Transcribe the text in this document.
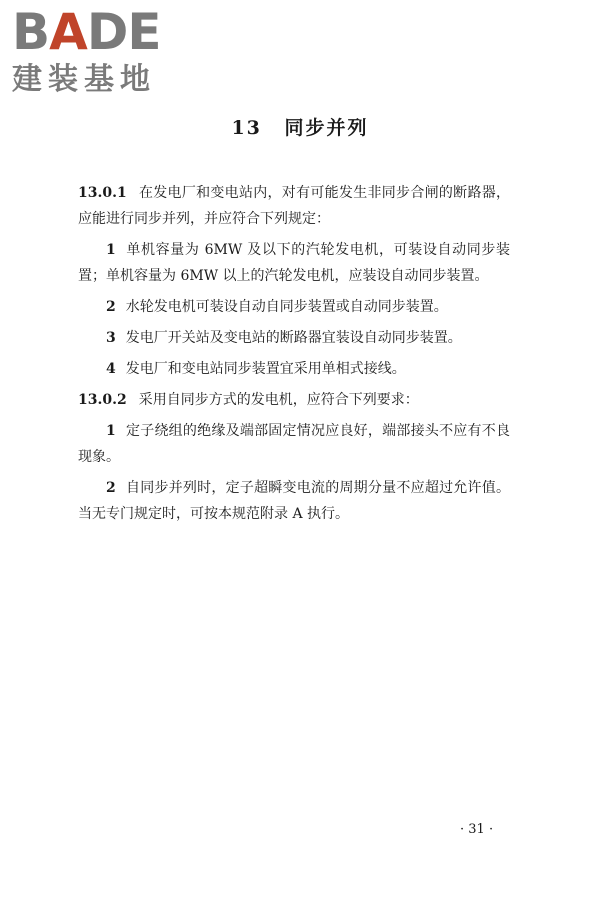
BADE
建装基地
13 同步并列

13.0.1 在发电厂和变电站内，对有可能发生非同步合闸的断路器，应能进行同步并列，并应符合下列规定：

1 单机容量为 6MW 及以下的汽轮发电机，可装设自动同步装置；单机容量为 6MW 以上的汽轮发电机，应装设自动同步装置。

2 水轮发电机可装设自动自同步装置或自动同步装置。

3 发电厂开关站及变电站的断路器宜装设自动同步装置。

4 发电厂和变电站同步装置宜采用单相式接线。

13.0.2 采用自同步方式的发电机，应符合下列要求：

1 定子绕组的绝缘及端部固定情况应良好，端部接头不应有不良现象。

2 自同步并列时，定子超瞬变电流的周期分量不应超过允许值。当无专门规定时，可按本规范附录 A 执行。

· 31 ·
